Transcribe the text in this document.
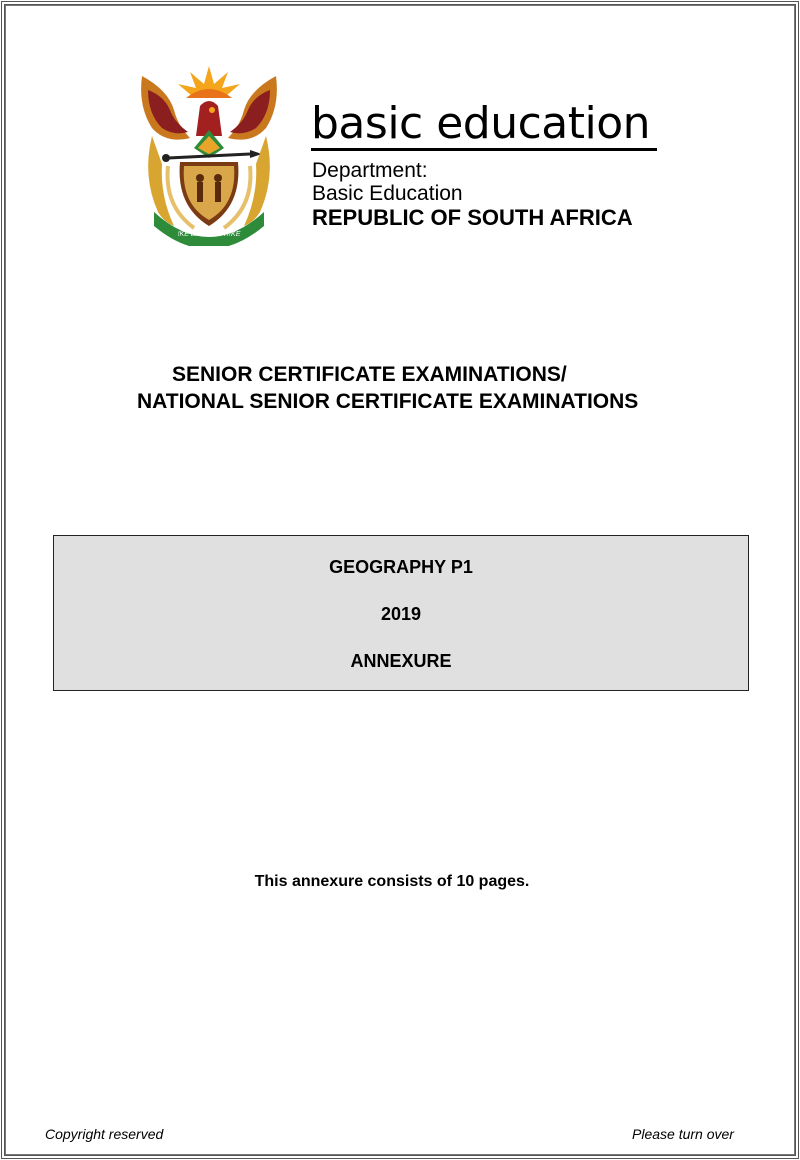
!KE E: /XARRA //KE
basic education
Department:
Basic Education
REPUBLIC OF SOUTH AFRICA
SENIOR CERTIFICATE EXAMINATIONS/
NATIONAL SENIOR CERTIFICATE EXAMINATIONS
GEOGRAPHY P1
2019
ANNEXURE
This annexure consists of 10 pages.
Copyright reserved	Please turn over
